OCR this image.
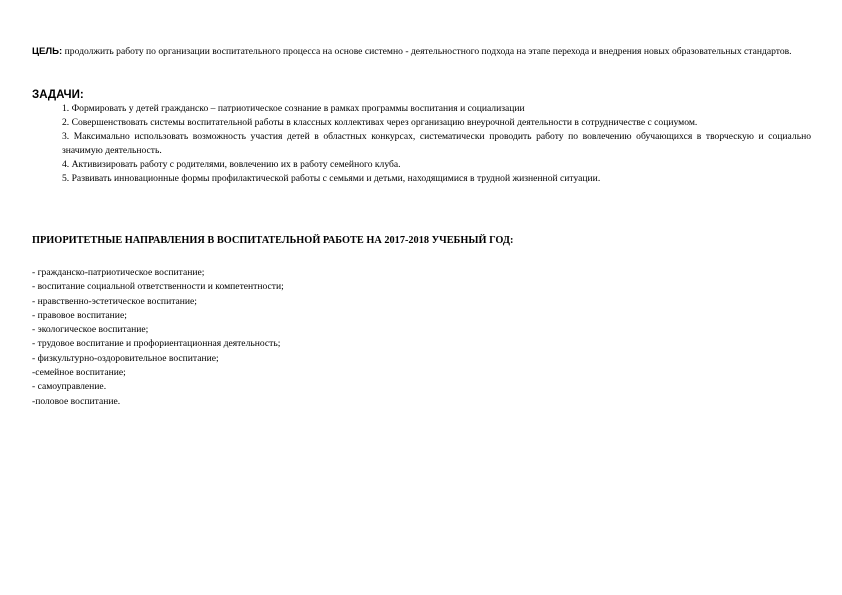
ЦЕЛЬ: продолжить работу по организации воспитательного процесса на основе системно - деятельностного подхода на этапе перехода и внедрения новых образовательных стандартов.

ЗАДАЧИ:
1. Формировать у детей гражданско – патриотическое сознание в рамках программы воспитания и социализации
2. Совершенствовать системы воспитательной работы в классных коллективах через организацию внеурочной деятельности в сотрудничестве с социумом.
3. Максимально использовать возможность участия детей в областных конкурсах, систематически проводить работу по вовлечению обучающихся в творческую и социально значимую деятельность.
4. Активизировать работу с родителями, вовлечению их в работу семейного клуба.
5. Развивать инновационные формы профилактической работы с семьями и детьми, находящимися в трудной жизненной ситуации.
ПРИОРИТЕТНЫЕ НАПРАВЛЕНИЯ В ВОСПИТАТЕЛЬНОЙ РАБОТЕ НА 2017-2018 УЧЕБНЫЙ ГОД:
- гражданско-патриотическое воспитание;
- воспитание социальной ответственности и компетентности;
- нравственно-эстетическое воспитание;
- правовое воспитание;
- экологическое воспитание;
- трудовое воспитание и профориентационная деятельность;
- физкультурно-оздоровительное воспитание;
-семейное воспитание;
- самоуправление.
-половое воспитание.
